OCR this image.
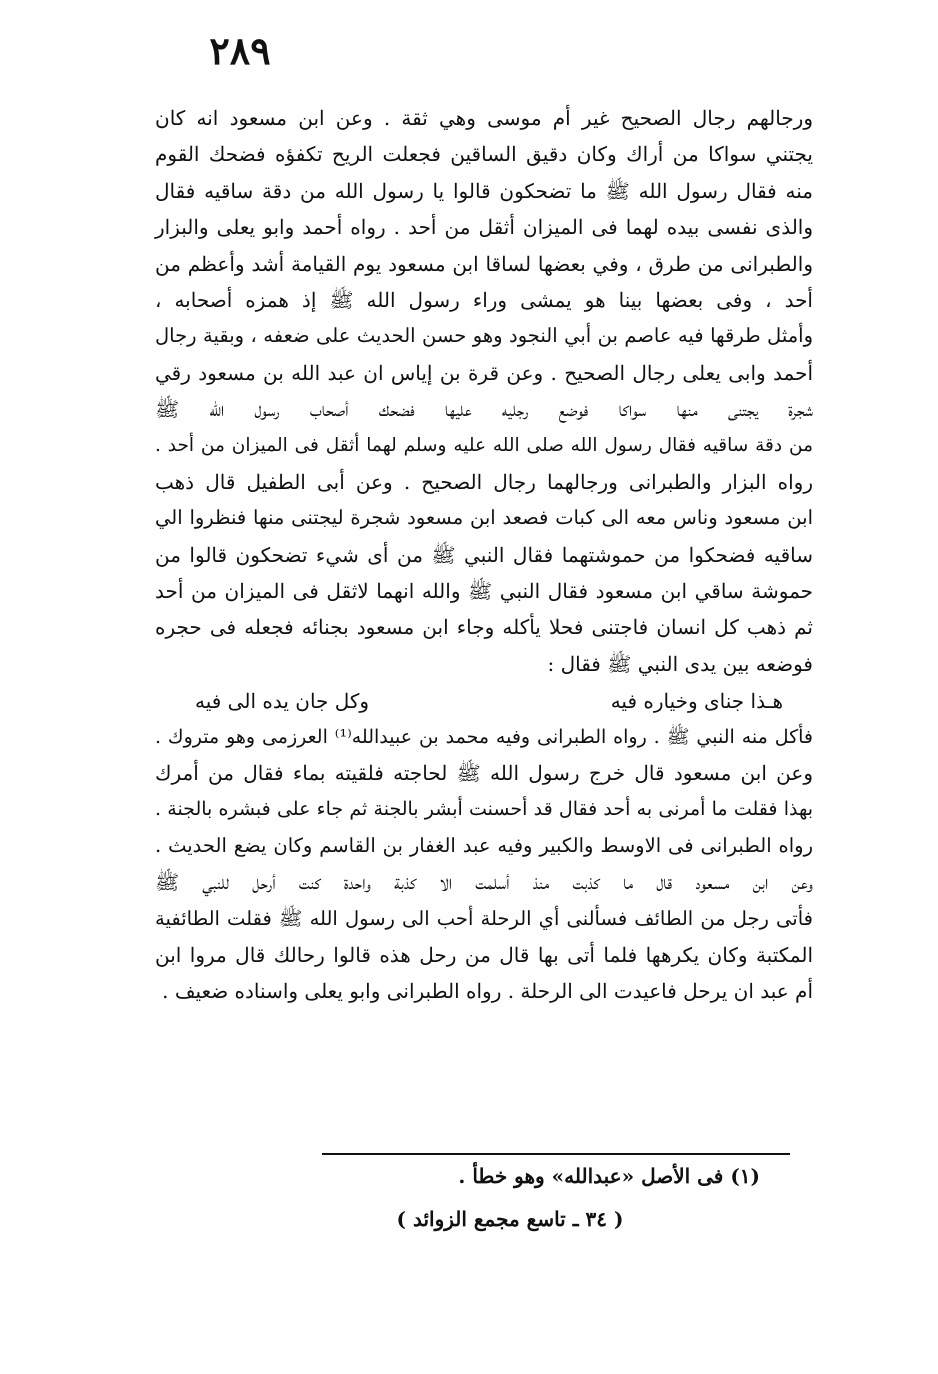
٢٨٩
ورجالهم رجال الصحيح غير أم موسى وهي ثقة . وعن ابن مسعود انه كان
يجتني سواكا من أراك وكان دقيق الساقين فجعلت الريح تكفؤه فضحك القوم
منه فقال رسول الله ﷺ ما تضحكون قالوا يا رسول الله من دقة ساقيه فقال
والذى نفسى بيده لهما فى الميزان أثقل من أحد . رواه أحمد وابو يعلى والبزار
والطبرانى من طرق ، وفي بعضها لساقا ابن مسعود يوم القيامة أشد وأعظم من
أحد ، وفى بعضها بينا هو يمشى وراء رسول الله ﷺ إذ همزه أصحابه ،
وأمثل طرقها فيه عاصم بن أبي النجود وهو حسن الحديث على ضعفه ، وبقية رجال
أحمد وابى يعلى رجال الصحيح . وعن قرة بن إياس ان عبد الله بن مسعود رقي
شجرة يجتنى منها سواكا فوضع رجليه عليها فضحك أصحاب رسول الله ﷺ
من دقة ساقيه فقال رسول الله صلى الله عليه وسلم لهما أثقل فى الميزان من أحد .
رواه البزار والطبرانى ورجالهما رجال الصحيح . وعن أبى الطفيل قال ذهب
ابن مسعود وناس معه الى كبات فصعد ابن مسعود شجرة ليجتنى منها فنظروا الي
ساقيه فضحكوا من حموشتهما فقال النبي ﷺ من أى شيء تضحكون قالوا من
حموشة ساقي ابن مسعود فقال النبي ﷺ والله انهما لاثقل فى الميزان من أحد
ثم ذهب كل انسان فاجتنى فحلا يأكله وجاء ابن مسعود بجنائه فجعله فى حجره
فوضعه بين يدى النبي ﷺ فقال :
هـذا جناى وخياره فيه
وكل جان يده الى فيه
فأكل منه النبي ﷺ . رواه الطبرانى وفيه محمد بن عبيدالله⁽¹⁾ العرزمى وهو متروك .
وعن ابن مسعود قال خرج رسول الله ﷺ لحاجته فلقيته بماء فقال من أمرك
بهذا فقلت ما أمرنى به أحد فقال قد أحسنت أبشر بالجنة ثم جاء على فبشره بالجنة .
رواه الطبرانى فى الاوسط والكبير وفيه عبد الغفار بن القاسم وكان يضع الحديث .
وعن ابن مسعود قال ما كذبت منذ أسلمت الا كذبة واحدة كنت أرحل للنبي ﷺ
فأتى رجل من الطائف فسألنى أي الرحلة أحب الى رسول الله ﷺ فقلت الطائفية
المكتبة وكان يكرهها فلما أتى بها قال من رحل هذه قالوا رحالك قال مروا ابن
أم عبد ان يرحل فاعيدت الى الرحلة . رواه الطبرانى وابو يعلى واسناده ضعيف .
(١) فى الأصل «عبدالله» وهو خطأ .
( ٣٤ ـ تاسع مجمع الزوائد )
